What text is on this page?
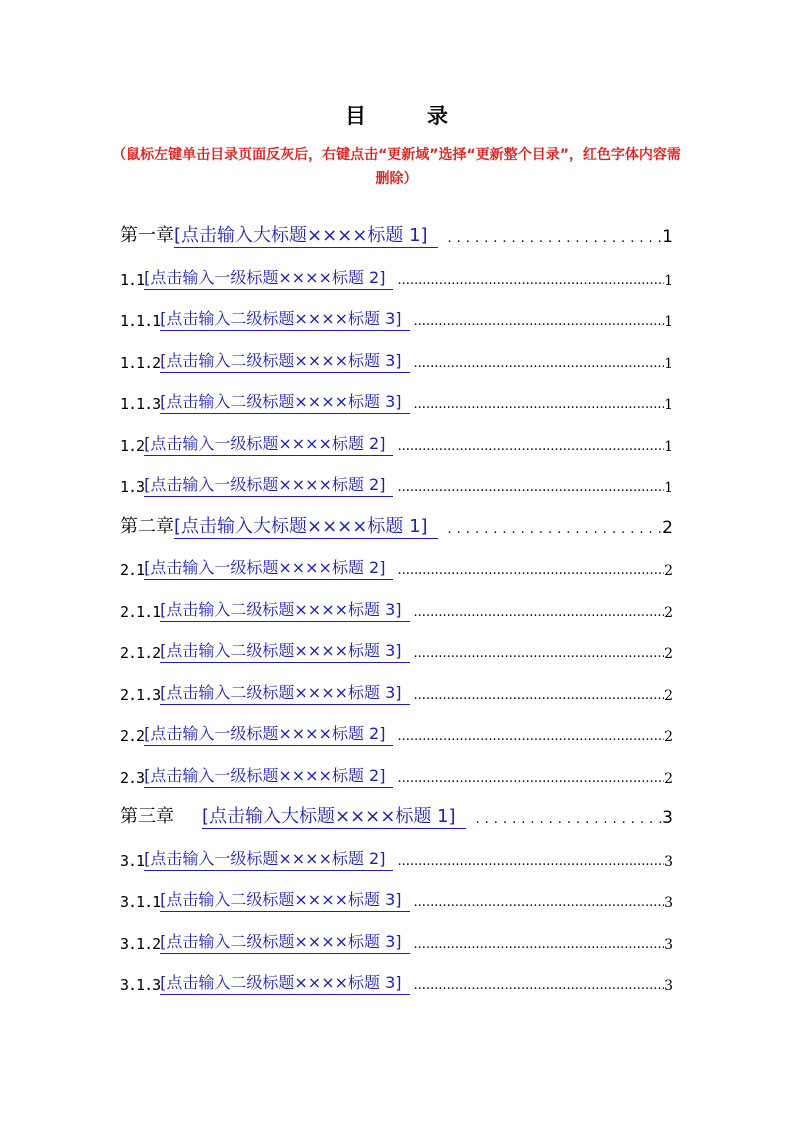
目　录
（鼠标左键单击目录页面反灰后，右键点击“更新域”选择“更新整个目录”，红色字体内容需删除）
第一章 [点击输入大标题××××标题 1] .....	1
1.1 [点击输入一级标题××××标题 2] .....	1
1.1.1 [点击输入二级标题××××标题 3] .....	1
1.1.2 [点击输入二级标题××××标题 3] .....	1
1.1.3 [点击输入二级标题××××标题 3] .....	1
1.2 [点击输入一级标题××××标题 2] .....	1
1.3 [点击输入一级标题××××标题 2] .....	1
第二章 [点击输入大标题××××标题 1] .....	2
2.1 [点击输入一级标题××××标题 2] .....	2
2.1.1 [点击输入二级标题××××标题 3] .....	2
2.1.2 [点击输入二级标题××××标题 3] .....	2
2.1.3 [点击输入二级标题××××标题 3] .....	2
2.2 [点击输入一级标题××××标题 2] .....	2
2.3 [点击输入一级标题××××标题 2] .....	2
第三章	[点击输入大标题××××标题 1] .....	3
3.1 [点击输入一级标题××××标题 2] .....	3
3.1.1 [点击输入二级标题××××标题 3] .....	3
3.1.2 [点击输入二级标题××××标题 3] .....	3
3.1.3 [点击输入二级标题××××标题 3] .....	3
